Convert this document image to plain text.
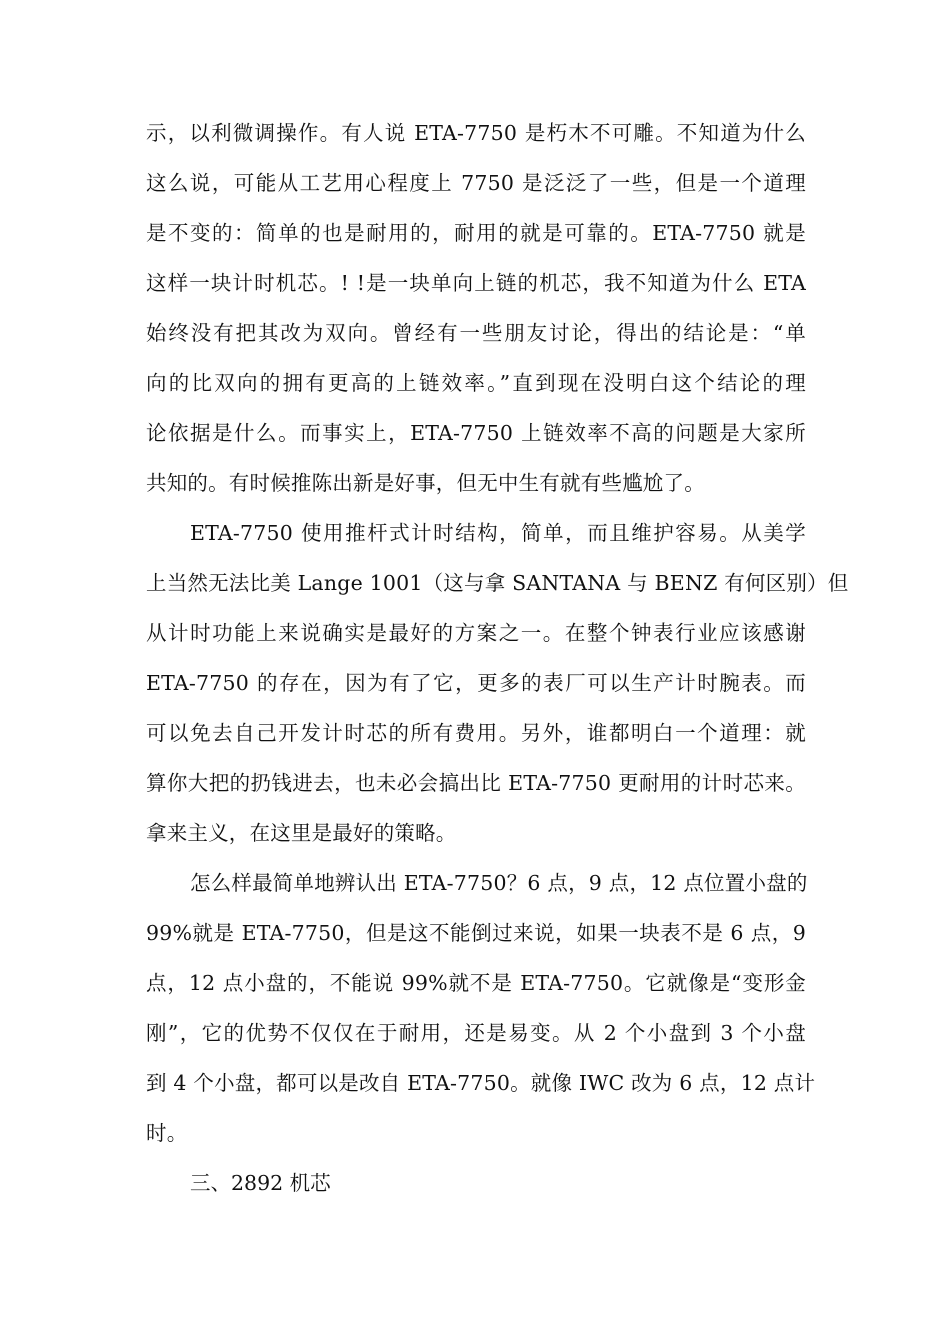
示，以利微调操作。有人说 ETA-7750 是朽木不可雕。不知道为什么
这么说，可能从工艺用心程度上 7750 是泛泛了一些，但是一个道理
是不变的：简单的也是耐用的，耐用的就是可靠的。ETA-7750 就是
这样一块计时机芯。! !是一块单向上链的机芯，我不知道为什么 ETA
始终没有把其改为双向。曾经有一些朋友讨论，得出的结论是：“单
向的比双向的拥有更高的上链效率。”直到现在没明白这个结论的理
论依据是什么。而事实上，ETA-7750 上链效率不高的问题是大家所
共知的。有时候推陈出新是好事，但无中生有就有些尴尬了。
ETA-7750 使用推杆式计时结构，简单，而且维护容易。从美学
上当然无法比美 Lange 1001（这与拿 SANTANA 与 BENZ 有何区别）但
从计时功能上来说确实是最好的方案之一。在整个钟表行业应该感谢
ETA-7750 的存在，因为有了它，更多的表厂可以生产计时腕表。而
可以免去自己开发计时芯的所有费用。另外，谁都明白一个道理：就
算你大把的扔钱进去，也未必会搞出比 ETA-7750 更耐用的计时芯来。
拿来主义，在这里是最好的策略。
怎么样最简单地辨认出 ETA-7750？6 点，9 点，12 点位置小盘的
99%就是 ETA-7750，但是这不能倒过来说，如果一块表不是 6 点，9
点，12 点小盘的，不能说 99%就不是 ETA-7750。它就像是“变形金
刚”，它的优势不仅仅在于耐用，还是易变。从 2 个小盘到 3 个小盘
到 4 个小盘，都可以是改自 ETA-7750。就像 IWC 改为 6 点，12 点计
时。
三、2892 机芯
